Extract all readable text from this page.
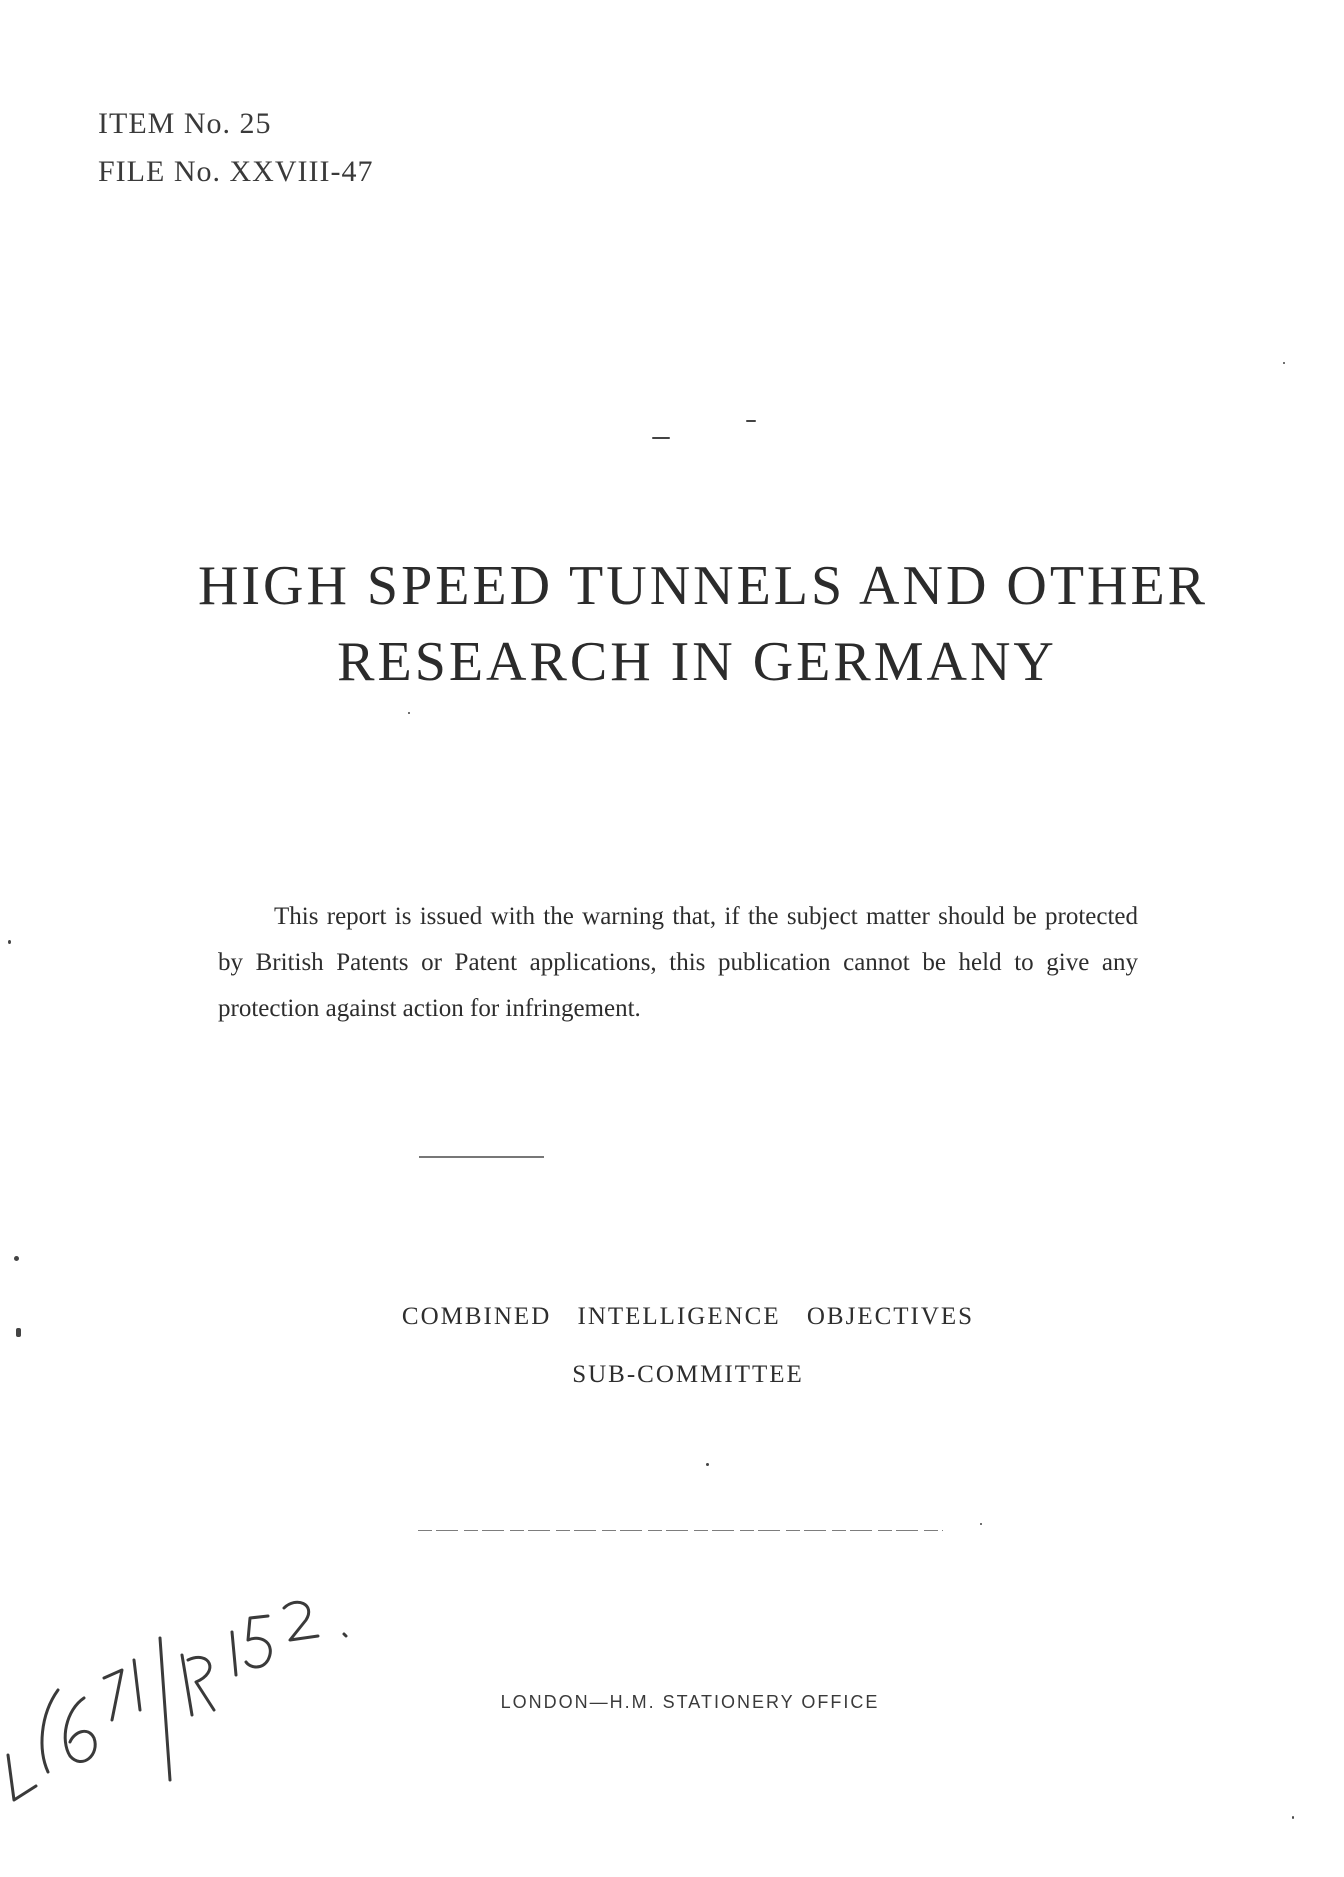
ITEM No. 25
FILE No. XXVIII-47
HIGH SPEED TUNNELS AND OTHER
RESEARCH IN GERMANY
This report is issued with the warning that, if the subject matter should be protected by British Patents or Patent applications, this publication cannot be held to give any protection against action for infringement.
COMBINED INTELLIGENCE OBJECTIVES
SUB-COMMITTEE
LONDON—H.M. STATIONERY OFFICE
